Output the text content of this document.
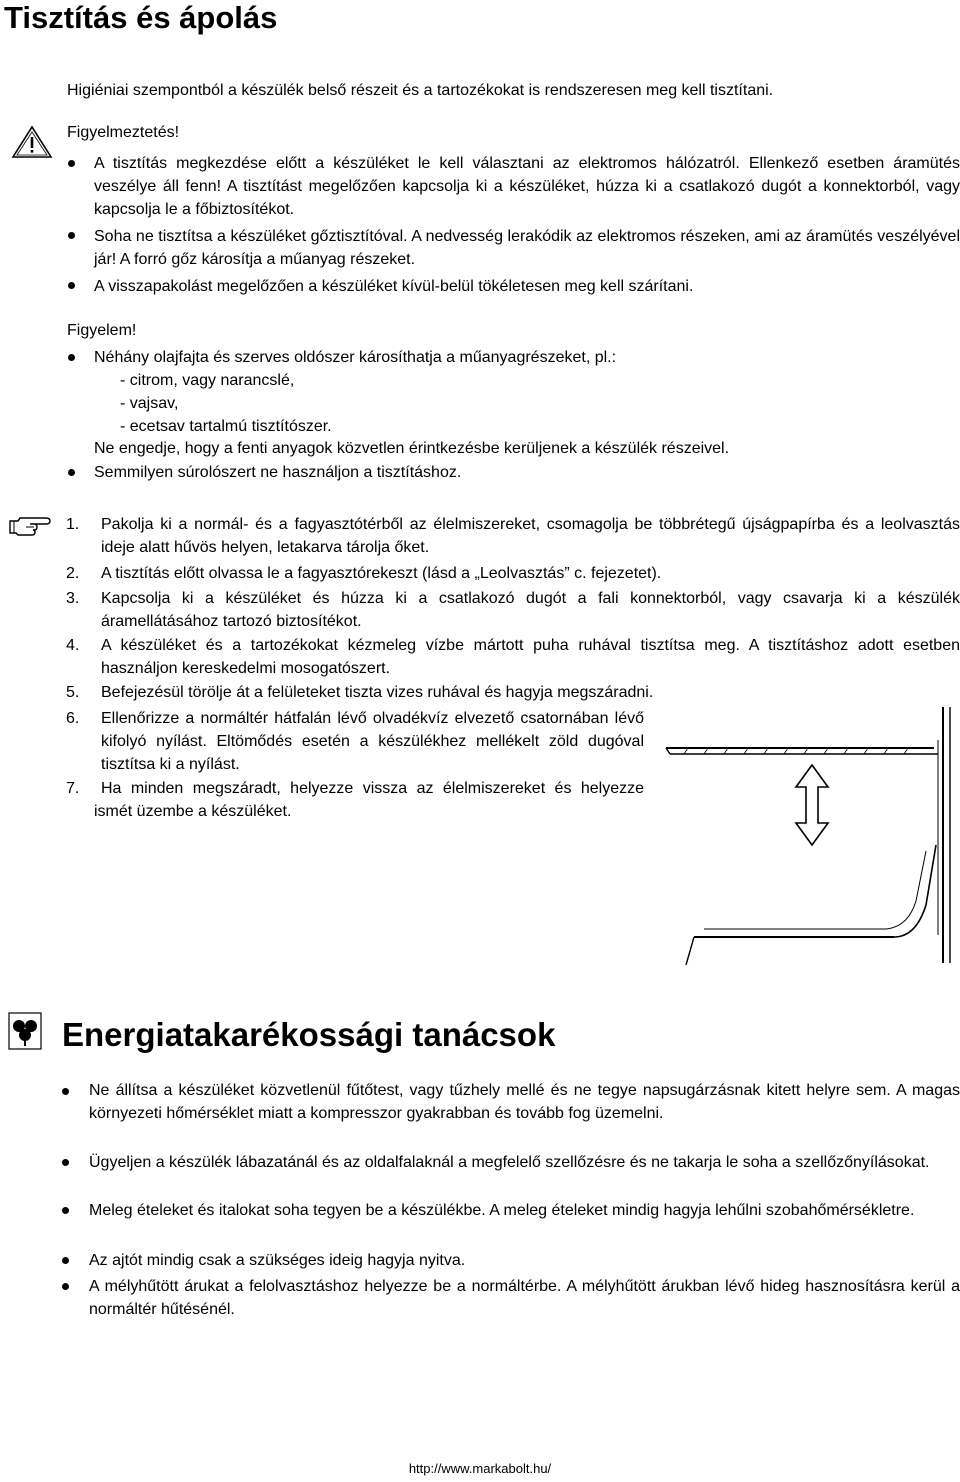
Tisztítás és ápolás
Higiéniai szempontból a készülék belső részeit és a tartozékokat is rendszeresen meg kell tisztítani.
Figyelmeztetés!
A tisztítás megkezdése előtt a készüléket le kell választani az elektromos hálózatról. Ellenkező esetben áramütés veszélye áll fenn! A tisztítást megelőzően kapcsolja ki a készüléket, húzza ki a csatlakozó dugót a konnektorból, vagy kapcsolja le a főbiztosítékot.
Soha ne tisztítsa a készüléket gőztisztítóval. A nedvesség lerakódik az elektromos részeken, ami az áramütés veszélyével jár! A forró gőz károsítja a műanyag részeket.
A visszapakolást megelőzően a készüléket kívül-belül tökéletesen meg kell szárítani.
Figyelem!
Néhány olajfajta és szerves oldószer károsíthatja a műanyagrészeket, pl.:
- citrom, vagy narancslé,
- vajsav,
- ecetsav tartalmú tisztítószer.
Ne engedje, hogy a fenti anyagok közvetlen érintkezésbe kerüljenek a készülék részeivel.
Semmilyen súrolószert ne használjon a tisztításhoz.
1. Pakolja ki a normál- és a fagyasztótérből az élelmiszereket, csomagolja be többrétegű újságpapírba és a leolvasztás ideje alatt hűvös helyen, letakarva tárolja őket.
2. A tisztítás előtt olvassa le a fagyasztórekeszt (lásd a „Leolvasztás” c. fejezetet).
3. Kapcsolja ki a készüléket és húzza ki a csatlakozó dugót a fali konnektorból, vagy csavarja ki a készülék áramellátásához tartozó biztosítékot.
4. A készüléket és a tartozékokat kézmeleg vízbe mártott puha ruhával tisztítsa meg. A tisztításhoz adott esetben használjon kereskedelmi mosogatószert.
5. Befejezésül törölje át a felületeket tiszta vizes ruhával és hagyja megszáradni.
6. Ellenőrizze a normáltér hátfalán lévő olvadékvíz elvezető csatornában lévő kifolyó nyílást. Eltömődés esetén a készülékhez mellékelt zöld dugóval tisztítsa ki a nyílást.
7.	Ha minden megszáradt, helyezze vissza az élelmiszereket és helyezze ismét üzembe a készüléket.
Energiatakarékossági tanácsok
Ne állítsa a készüléket közvetlenül fűtőtest, vagy tűzhely mellé és ne tegye napsugárzásnak kitett helyre sem. A magas környezeti hőmérséklet miatt a kompresszor gyakrabban és tovább fog üzemelni.
Ügyeljen a készülék lábazatánál és az oldalfalaknál a megfelelő szellőzésre és ne takarja le soha a szellőzőnyílásokat.
Meleg ételeket és italokat soha tegyen be a készülékbe. A meleg ételeket mindig hagyja lehűlni szobahőmérsékletre.
Az ajtót mindig csak a szükséges ideig hagyja nyitva.
A mélyhűtött árukat a felolvasztáshoz helyezze be a normáltérbe. A mélyhűtött árukban lévő hideg hasznosításra kerül a normáltér hűtésénél.
http://www.markabolt.hu/
